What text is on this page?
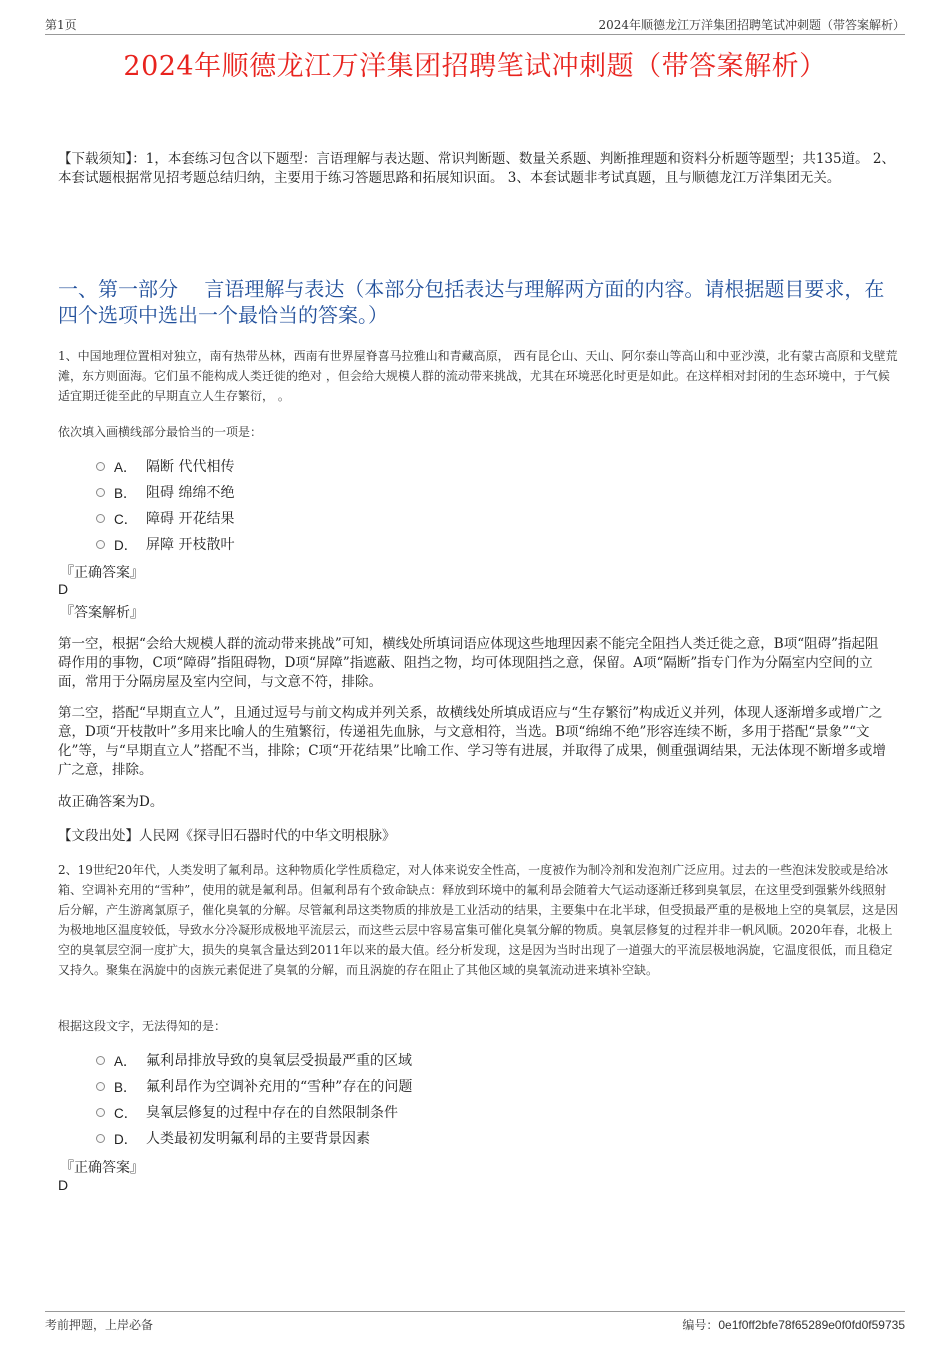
第1页	2024年顺德龙江万洋集团招聘笔试冲刺题（带答案解析）
2024年顺德龙江万洋集团招聘笔试冲刺题（带答案解析）
【下载须知】：1，本套练习包含以下题型：言语理解与表达题、常识判断题、数量关系题、判断推理题和资料分析题等题型；共135道。 2、本套试题根据常见招考题总结归纳，主要用于练习答题思路和拓展知识面。 3、本套试题非考试真题，且与顺德龙江万洋集团无关。
一、第一部分　 言语理解与表达（本部分包括表达与理解两方面的内容。请根据题目要求，在四个选项中选出一个最恰当的答案。）
1、中国地理位置相对独立，南有热带丛林，西南有世界屋脊喜马拉雅山和青藏高原， 西有昆仑山、天山、阿尔泰山等高山和中亚沙漠，北有蒙古高原和戈壁荒滩，东方则面海。它们虽不能构成人类迁徙的绝对 ，但会给大规模人群的流动带来挑战，尤其在环境恶化时更是如此。在这样相对封闭的生态环境中，于气候适宜期迁徙至此的早期直立人生存繁衍， 。
依次填入画横线部分最恰当的一项是：
A． 隔断 代代相传
B． 阻碍 绵绵不绝
C． 障碍 开花结果
D． 屏障 开枝散叶
『正确答案』
D
『答案解析』
第一空，根据“会给大规模人群的流动带来挑战”可知，横线处所填词语应体现这些地理因素不能完全阻挡人类迁徙之意，B项“阻碍”指起阻碍作用的事物，C项“障碍”指阻碍物，D项“屏障”指遮蔽、阻挡之物，均可体现阻挡之意，保留。A项“隔断”指专门作为分隔室内空间的立面，常用于分隔房屋及室内空间，与文意不符，排除。
第二空，搭配“早期直立人”，且通过逗号与前文构成并列关系，故横线处所填成语应与“生存繁衍”构成近义并列，体现人逐渐增多或增广之意，D项“开枝散叶”多用来比喻人的生殖繁衍，传递祖先血脉，与文意相符，当选。B项“绵绵不绝”形容连续不断，多用于搭配“景象”“文化”等，与“早期直立人”搭配不当，排除；C项“开花结果”比喻工作、学习等有进展，并取得了成果，侧重强调结果，无法体现不断增多或增广之意，排除。
故正确答案为D。
【文段出处】人民网《探寻旧石器时代的中华文明根脉》
2、19世纪20年代，人类发明了氟利昂。这种物质化学性质稳定，对人体来说安全性高，一度被作为制冷剂和发泡剂广泛应用。过去的一些泡沫发胶或是给冰箱、空调补充用的“雪种”，使用的就是氟利昂。但氟利昂有个致命缺点：释放到环境中的氟利昂会随着大气运动逐渐迁移到臭氧层，在这里受到强紫外线照射后分解，产生游离氯原子，催化臭氧的分解。尽管氟利昂这类物质的排放是工业活动的结果，主要集中在北半球，但受损最严重的是极地上空的臭氧层，这是因为极地地区温度较低，导致水分冷凝形成极地平流层云，而这些云层中容易富集可催化臭氧分解的物质。臭氧层修复的过程并非一帆风顺。2020年春，北极上空的臭氧层空洞一度扩大，损失的臭氧含量达到2011年以来的最大值。经分析发现，这是因为当时出现了一道强大的平流层极地涡旋，它温度很低，而且稳定又持久。聚集在涡旋中的卤族元素促进了臭氧的分解，而且涡旋的存在阻止了其他区域的臭氧流动进来填补空缺。
根据这段文字，无法得知的是：
A． 氟利昂排放导致的臭氧层受损最严重的区域
B． 氟利昂作为空调补充用的“雪种”存在的问题
C． 臭氧层修复的过程中存在的自然限制条件
D． 人类最初发明氟利昂的主要背景因素
『正确答案』
D
考前押题，上岸必备	编号：0e1f0ff2bfe78f65289e0f0fd0f59735
